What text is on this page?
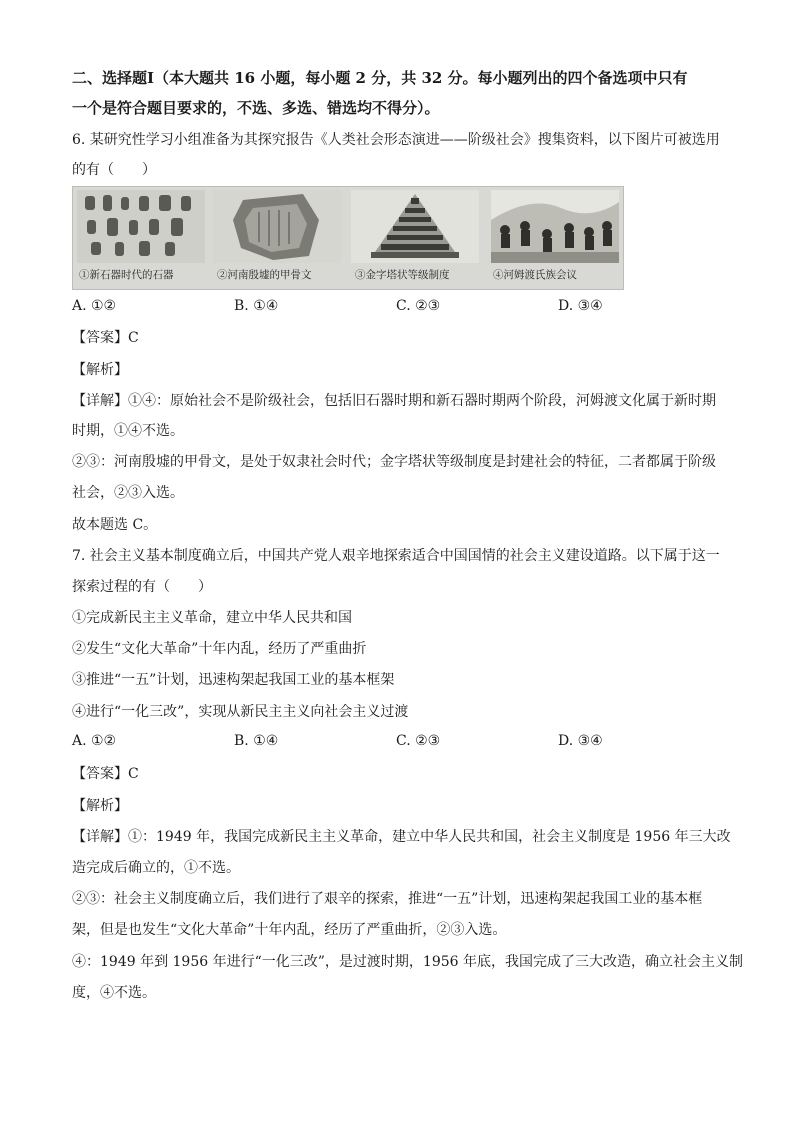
二、选择题Ⅰ（本大题共 16 小题，每小题 2 分，共 32 分。每小题列出的四个备选项中只有
一个是符合题目要求的，不选、多选、错选均不得分）。
6. 某研究性学习小组准备为其探究报告《人类社会形态演进——阶级社会》搜集资料，以下图片可被选用
的有（　　）
①新石器时代的石器	②河南殷墟的甲骨文	③金字塔状等级制度	④河姆渡氏族会议
A. ①②	B. ①④	C. ②③	D. ③④
【答案】C
【解析】
【详解】①④：原始社会不是阶级社会，包括旧石器时期和新石器时期两个阶段，河姆渡文化属于新时期
时期，①④不选。
②③：河南殷墟的甲骨文，是处于奴隶社会时代；金字塔状等级制度是封建社会的特征，二者都属于阶级
社会，②③入选。
故本题选 C。
7. 社会主义基本制度确立后，中国共产党人艰辛地探索适合中国国情的社会主义建设道路。以下属于这一
探索过程的有（　　）
①完成新民主主义革命，建立中华人民共和国
②发生“文化大革命”十年内乱，经历了严重曲折
③推进“一五”计划，迅速构架起我国工业的基本框架
④进行“一化三改”，实现从新民主主义向社会主义过渡
A. ①②	B. ①④	C. ②③	D. ③④
【答案】C
【解析】
【详解】①：1949 年，我国完成新民主主义革命，建立中华人民共和国，社会主义制度是 1956 年三大改
造完成后确立的，①不选。
②③：社会主义制度确立后，我们进行了艰辛的探索，推进“一五”计划，迅速构架起我国工业的基本框
架，但是也发生“文化大革命”十年内乱，经历了严重曲折，②③入选。
④：1949 年到 1956 年进行“一化三改”，是过渡时期，1956 年底，我国完成了三大改造，确立社会主义制
度，④不选。
